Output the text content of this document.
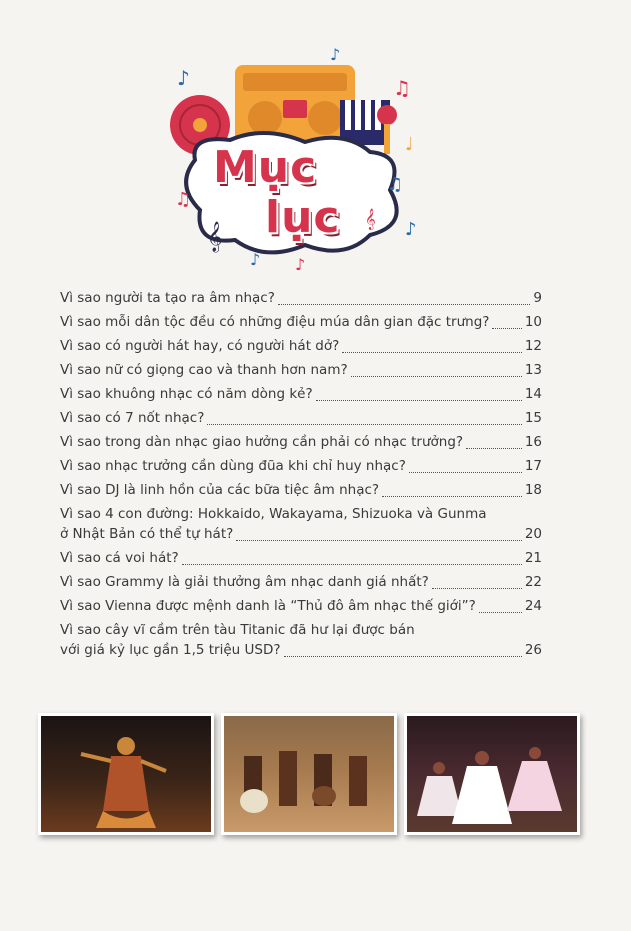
♪	♫
♩
♫
𝄞	♪
♪ ♪
𝄞
♫
♪
Mục
lục
Vì sao người ta tạo ra âm nhạc?	9
Vì sao mỗi dân tộc đều có những điệu múa dân gian đặc trưng?	10
Vì sao có người hát hay, có người hát dở?	12
Vì sao nữ có giọng cao và thanh hơn nam?	13
Vì sao khuông nhạc có năm dòng kẻ?	14
Vì sao có 7 nốt nhạc?	15
Vì sao trong dàn nhạc giao hưởng cần phải có nhạc trưởng?	16
Vì sao nhạc trưởng cần dùng đũa khi chỉ huy nhạc?	17
Vì sao DJ là linh hồn của các bữa tiệc âm nhạc?	18
Vì sao 4 con đường: Hokkaido, Wakayama, Shizuoka và Gunma
ở Nhật Bản có thể tự hát?	20
Vì sao cá voi hát?	21
Vì sao Grammy là giải thưởng âm nhạc danh giá nhất?	22
Vì sao Vienna được mệnh danh là “Thủ đô âm nhạc thế giới”?	24
Vì sao cây vĩ cầm trên tàu Titanic đã hư lại được bán
với giá kỷ lục gần 1,5 triệu USD?	26
